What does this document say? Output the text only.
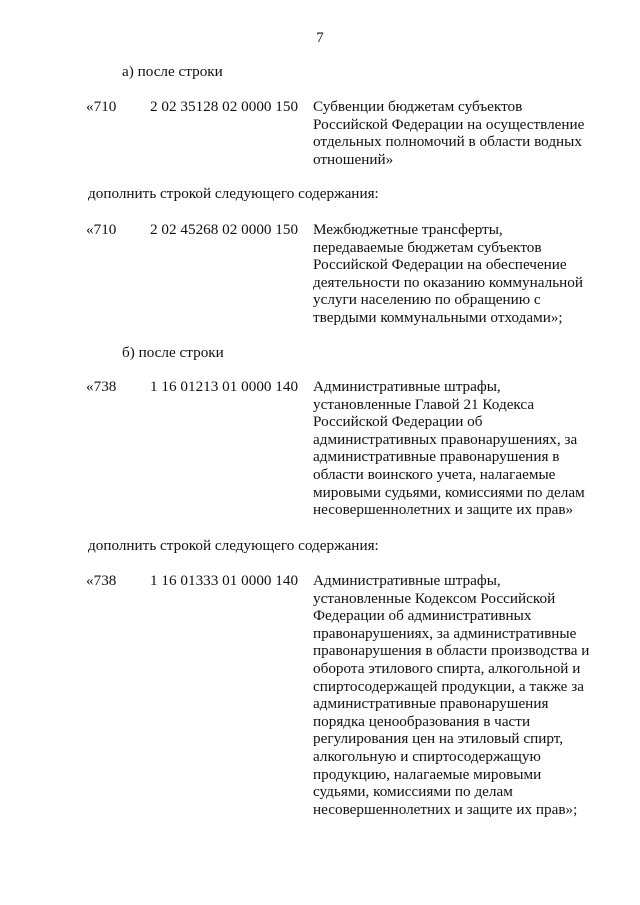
7
а) после строки
«710 2 02 35128 02 0000 150 Субвенции бюджетам субъектов
Российской Федерации на осуществление
отдельных полномочий в области водных
отношений»
дополнить строкой следующего содержания:
«710 2 02 45268 02 0000 150 Межбюджетные трансферты,
передаваемые бюджетам субъектов
Российской Федерации на обеспечение
деятельности по оказанию коммунальной
услуги населению по обращению с
твердыми коммунальными отходами»;
б) после строки
«738 1 16 01213 01 0000 140 Административные штрафы,
установленные Главой 21 Кодекса
Российской Федерации об
административных правонарушениях, за
административные правонарушения в
области воинского учета, налагаемые
мировыми судьями, комиссиями по делам
несовершеннолетних и защите их прав»
дополнить строкой следующего содержания:
«738 1 16 01333 01 0000 140 Административные штрафы,
установленные Кодексом Российской
Федерации об административных
правонарушениях, за административные
правонарушения в области производства и
оборота этилового спирта, алкогольной и
спиртосодержащей продукции, а также за
административные правонарушения
порядка ценообразования в части
регулирования цен на этиловый спирт,
алкогольную и спиртосодержащую
продукцию, налагаемые мировыми
судьями, комиссиями по делам
несовершеннолетних и защите их прав»;
